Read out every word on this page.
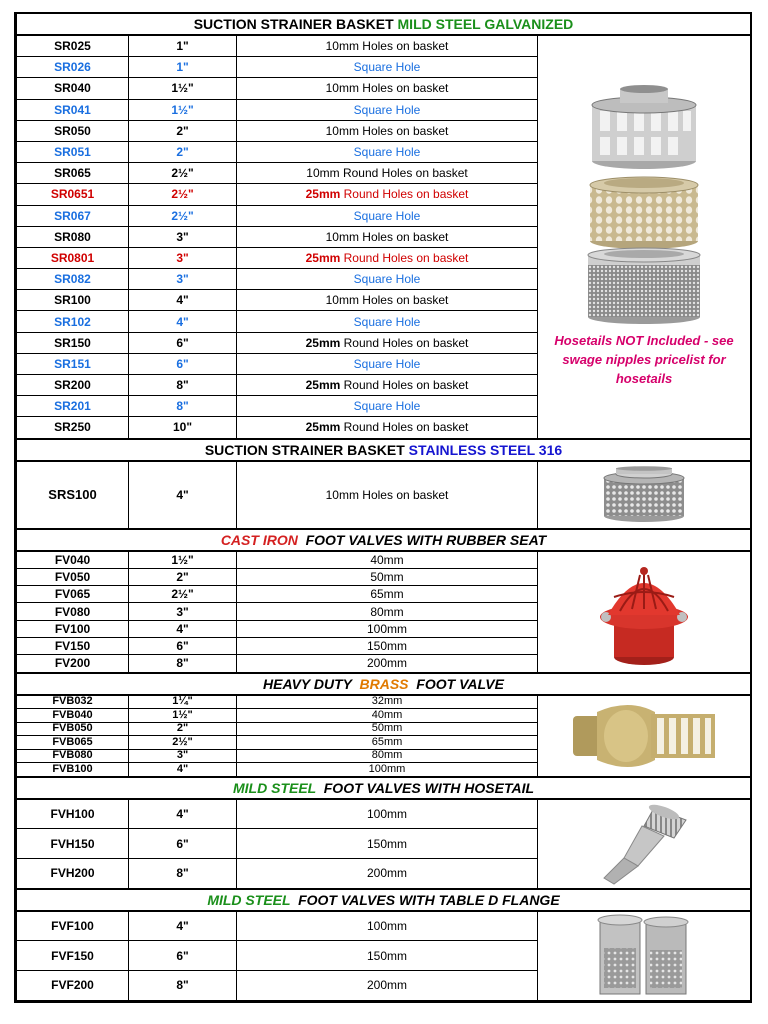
SUCTION STRAINER BASKET MILD STEEL GALVANIZED			
SR025	1"	10mm Holes on basket	Hosetails NOT Included - see swage nipples pricelist for hosetails

SR026	1"	Square Hole	
SR040	1½"	10mm Holes on basket	
SR041	1½"	Square Hole	
SR050	2"	10mm Holes on basket	
SR051	2"	Square Hole	
SR065	2½"	10mm Round Holes on basket	
SR0651	2½"	25mm Round Holes on basket	
SR067	2½"	Square Hole	
SR080	3"	10mm Holes on basket	
SR0801	3"	25mm Round Holes on basket	
SR082	3"	Square Hole	
SR100	4"	10mm Holes on basket	
SR102	4"	Square Hole	
SR150	6"	25mm Round Holes on basket	
SR151	6"	Square Hole	
SR200	8"	25mm Round Holes on basket	
SR201	8"	Square Hole	
SR250	10"	25mm Round Holes on basket	
SUCTION STRAINER BASKET STAINLESS STEEL 316			
SRS100	4"	10mm Holes on basket	

CAST IRON  FOOT VALVES WITH RUBBER SEAT			
FV040	1½"	40mm	

FV050	2"	50mm	
FV065	2½"	65mm	
FV080	3"	80mm	
FV100	4"	100mm	
FV150	6"	150mm	
FV200	8"	200mm	
HEAVY DUTY  BRASS  FOOT VALVE			
FVB032	1¼"	32mm	

FVB040	1½"	40mm	
FVB050	2"	50mm	
FVB065	2½"	65mm	
FVB080	3"	80mm	
FVB100	4"	100mm	
MILD STEEL  FOOT VALVES WITH HOSETAIL			
FVH100	4"	100mm	

FVH150	6"	150mm	
FVH200	8"	200mm	
MILD STEEL  FOOT VALVES WITH TABLE D FLANGE			
FVF100	4"	100mm	

FVF150	6"	150mm	
FVF200	8"	200mm	
